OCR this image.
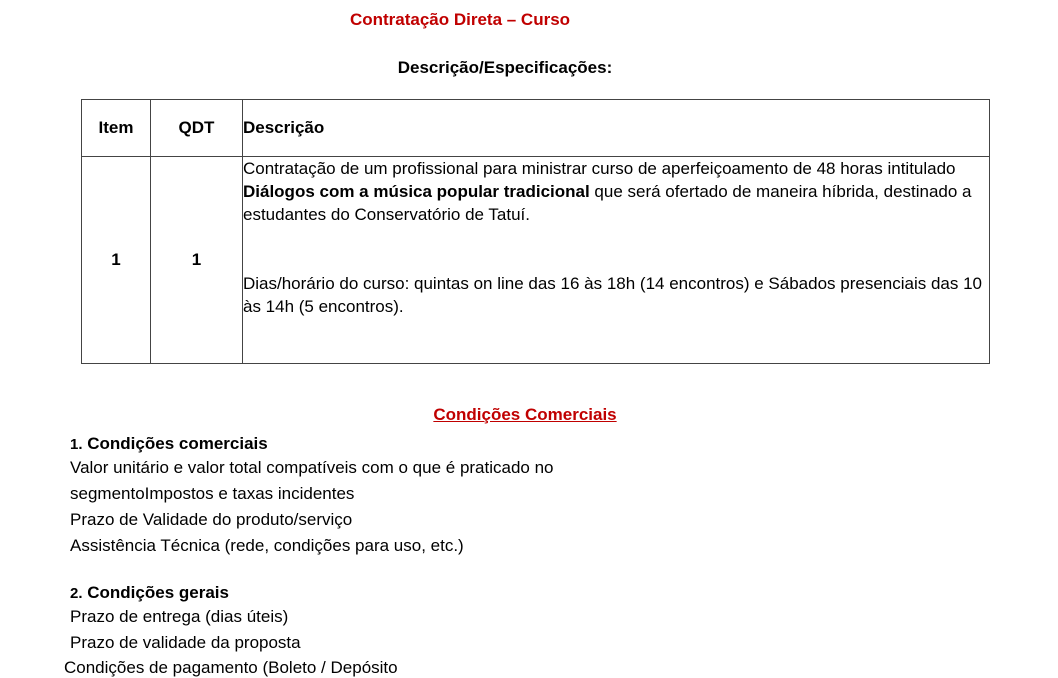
Contratação Direta – Curso
Descrição/Especificações:
Item	QDT	Descrição
1	1	Contratação de um profissional para ministrar curso de aperfeiçoamento de 48 horas intitulado Diálogos com a música popular tradicional que será ofertado de maneira híbrida, destinado a estudantes do Conservatório de Tatuí.
Dias/horário do curso: quintas on line das 16 às 18h (14 encontros) e Sábados presenciais das 10 às 14h (5 encontros).
Condições Comerciais
1. Condições comerciais
Valor unitário e valor total compatíveis com o que é praticado no
segmentoImpostos e taxas incidentes
Prazo de Validade do produto/serviço
Assistência Técnica (rede, condições para uso, etc.)
2. Condições gerais
Prazo de entrega (dias úteis)
Prazo de validade da proposta
Condições de pagamento (Boleto / Depósito
